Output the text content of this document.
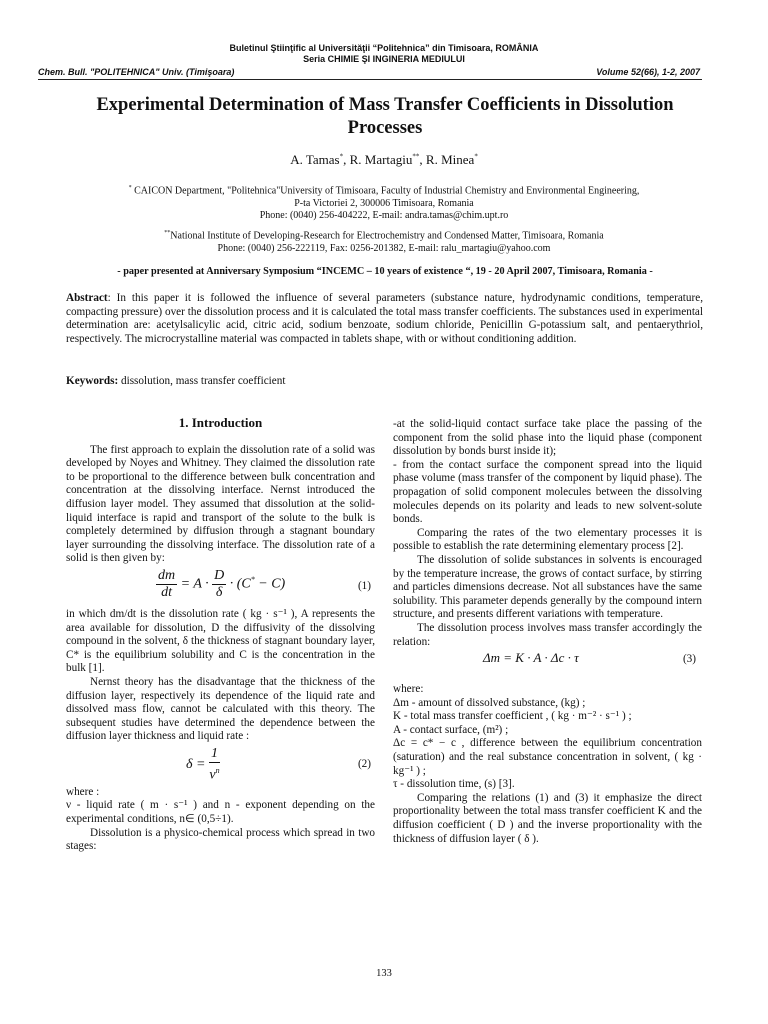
Buletinul Ştiinţific al Universităţii “Politehnica” din Timisoara, ROMÂNIA
Seria CHIMIE ŞI INGINERIA MEDIULUI
Chem. Bull. "POLITEHNICA" Univ. (Timişoara)	Volume 52(66), 1-2, 2007
Experimental Determination of Mass Transfer Coefficients in Dissolution Processes
A. Tamas*, R. Martagiu**, R. Minea*
* CAICON Department, "Politehnica"University of Timisoara, Faculty of Industrial Chemistry and Environmental Engineering,
P-ta Victoriei 2, 300006 Timisoara, Romania
Phone: (0040) 256-404222, E-mail: andra.tamas@chim.upt.ro
**National Institute of Developing-Research for Electrochemistry and Condensed Matter, Timisoara, Romania
Phone: (0040) 256-222119, Fax: 0256-201382, E-mail: ralu_martagiu@yahoo.com
- paper presented at Anniversary Symposium “INCEMC – 10 years of existence “, 19 - 20 April 2007, Timisoara, Romania -
Abstract: In this paper it is followed the influence of several parameters (substance nature, hydrodynamic conditions, temperature, compacting pressure) over the dissolution process and it is calculated the total mass transfer coefficients. The substances used in experimental determination are: acetylsalicylic acid, citric acid, sodium benzoate, sodium chloride, Penicillin G-potassium salt, and pentaerythriol, respectively. The microcrystalline material was compacted in tablets shape, with or without conditioning addition.
Keywords: dissolution, mass transfer coefficient

1. Introduction

The first approach to explain the dissolution rate of a solid was developed by Noyes and Whitney. They claimed the dissolution rate to be proportional to the difference between bulk concentration and concentration at the dissolving interface. Nernst introduced the diffusion layer model. They assumed that dissolution at the solid-liquid interface is rapid and transport of the solute to the bulk is completely determined by diffusion through a stagnant boundary layer surrounding the dissolving interface. The dissolution rate of a solid is then given by:

$\frac{dm}{dt} = A \cdot \frac{D}{\delta} \cdot (C^* - C)$	(1)

in which dm/dt is the dissolution rate ( kg · s⁻¹ ), A represents the area available for dissolution, D the diffusivity of the dissolving compound in the solvent, δ the thickness of stagnant boundary layer, C* is the equilibrium solubility and C is the concentration in the bulk [1].

Nernst theory has the disadvantage that the thickness of the diffusion layer, respectively its dependence of the liquid rate and dissolved mass flow, cannot be calculated with this theory. The subsequent studies have determined the dependence between the diffusion layer thickness and liquid rate :

$\delta = \frac{1}{\nu^n}$	(2)

where :

ν - liquid rate ( m · s⁻¹ ) and n - exponent depending on the experimental conditions, n∈ (0,5÷1).

Dissolution is a physico-chemical process which spread in two stages:

-at the solid-liquid contact surface take place the passing of the component from the solid phase into the liquid phase (component dissolution by bonds burst inside it);

- from the contact surface the component spread into the liquid phase volume (mass transfer of the component by liquid phase). The propagation of solid component molecules between the dissolving molecules depends on its polarity and leads to new solvent-solute bonds.

Comparing the rates of the two elementary processes it is possible to establish the rate determining elementary process [2].

The dissolution of solide substances in solvents is encouraged by the temperature increase, the grows of contact surface, by stirring and particles dimensions decrease. Not all substances have the same solubility. This parameter depends generally by the compound intern structure, and presents different variations with temperature.

The dissolution process involves mass transfer accordingly the relation:

Δm = K · A · Δc · τ	(3)

where:

Δm - amount of dissolved substance, (kg) ;

K - total mass transfer coefficient , ( kg · m⁻² · s⁻¹ ) ;

A - contact surface, (m²) ;

Δc = c* − c , difference between the equilibrium concentration (saturation) and the real substance concentration in solvent, ( kg · kg⁻¹ ) ;

τ - dissolution time, (s) [3].

Comparing the relations (1) and (3) it emphasize the direct proportionality between the total mass transfer coefficient K and the diffusion coefficient ( D ) and the inverse proportionality with the thickness of diffusion layer ( δ ).

133
